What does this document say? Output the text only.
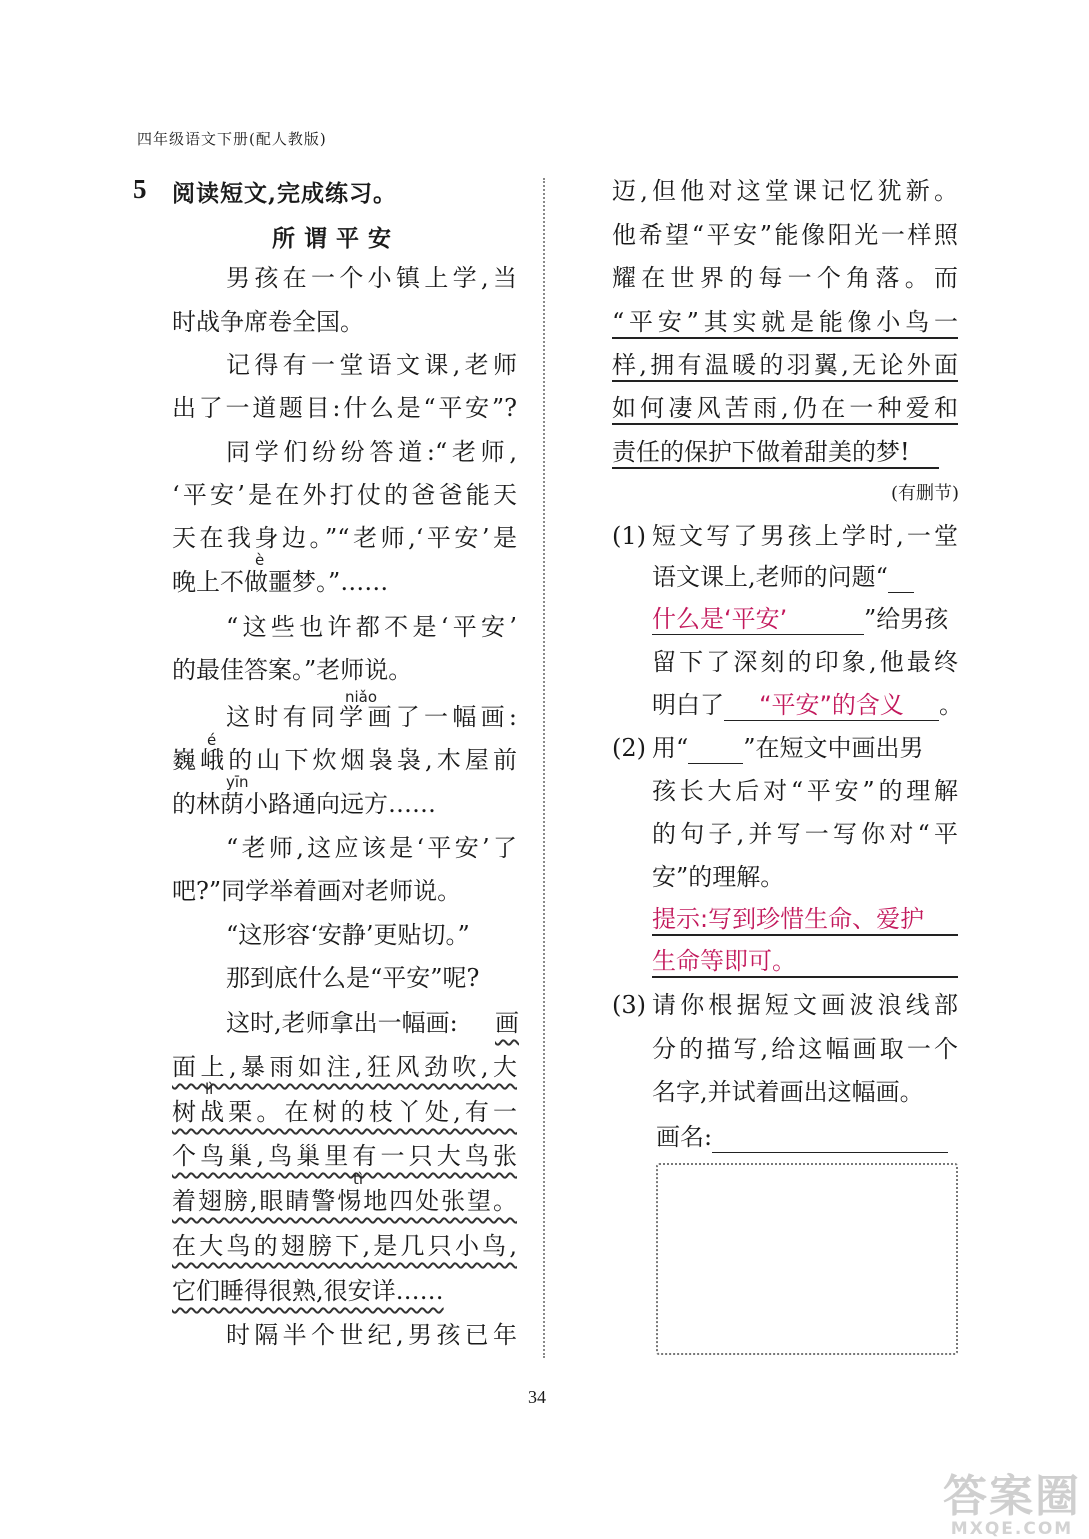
四年级语文下册(配人教版)
5 阅读短文,完成练习。
所谓平安
男孩在一个小镇上学,当
时战争席卷全国。
记得有一堂语文课,老师
出了一道题目:什么是“平安”?
同学们纷纷答道:“老师,
‘平安’是在外打仗的爸爸能天
天在我身边。”“老师,‘平安’是
è
晚上不做噩梦。”……
“这些也许都不是‘平安’
的最佳答案。”老师说。
niǎo
这时有同学画了一幅画:
é
巍峨的山下炊烟袅袅,木屋前
yīn
的林荫小路通向远方……
“老师,这应该是‘平安’了
吧?”同学举着画对老师说。
“这形容‘安静’更贴切。”
那到底什么是“平安”呢?
这时,老师拿出一幅画:	画
面上,暴雨如注,狂风劲吹,大
lì
树战栗。在树的枝丫处,有一
个鸟巢,鸟巢里有一只大鸟张
tì
着翅膀,眼睛警惕地四处张望。
在大鸟的翅膀下,是几只小鸟,
它们睡得很熟,很安详……
时隔半个世纪,男孩已年
迈,但他对这堂课记忆犹新。
他希望“平安”能像阳光一样照
耀在世界的每一个角落。而
“平安”其实就是能像小鸟一
样,拥有温暖的羽翼,无论外面
如何凄风苦雨,仍在一种爱和
责任的保护下做着甜美的梦!
(有删节)
(1) 短文写了男孩上学时,一堂
语文课上,老师的问题“
什么是‘平安’	”给男孩
留下了深刻的印象,他最终
明白了 “平安”的含义 。
(2) 用“ ”在短文中画出男
孩长大后对“平安”的理解
的句子,并写一写你对“平
安”的理解。
提示:写到珍惜生命、爱护
生命等即可。
(3) 请你根据短文画波浪线部
分的描写,给这幅画取一个
名字,并试着画出这幅画。
画名:
34
答案圈
MXQE.COM
